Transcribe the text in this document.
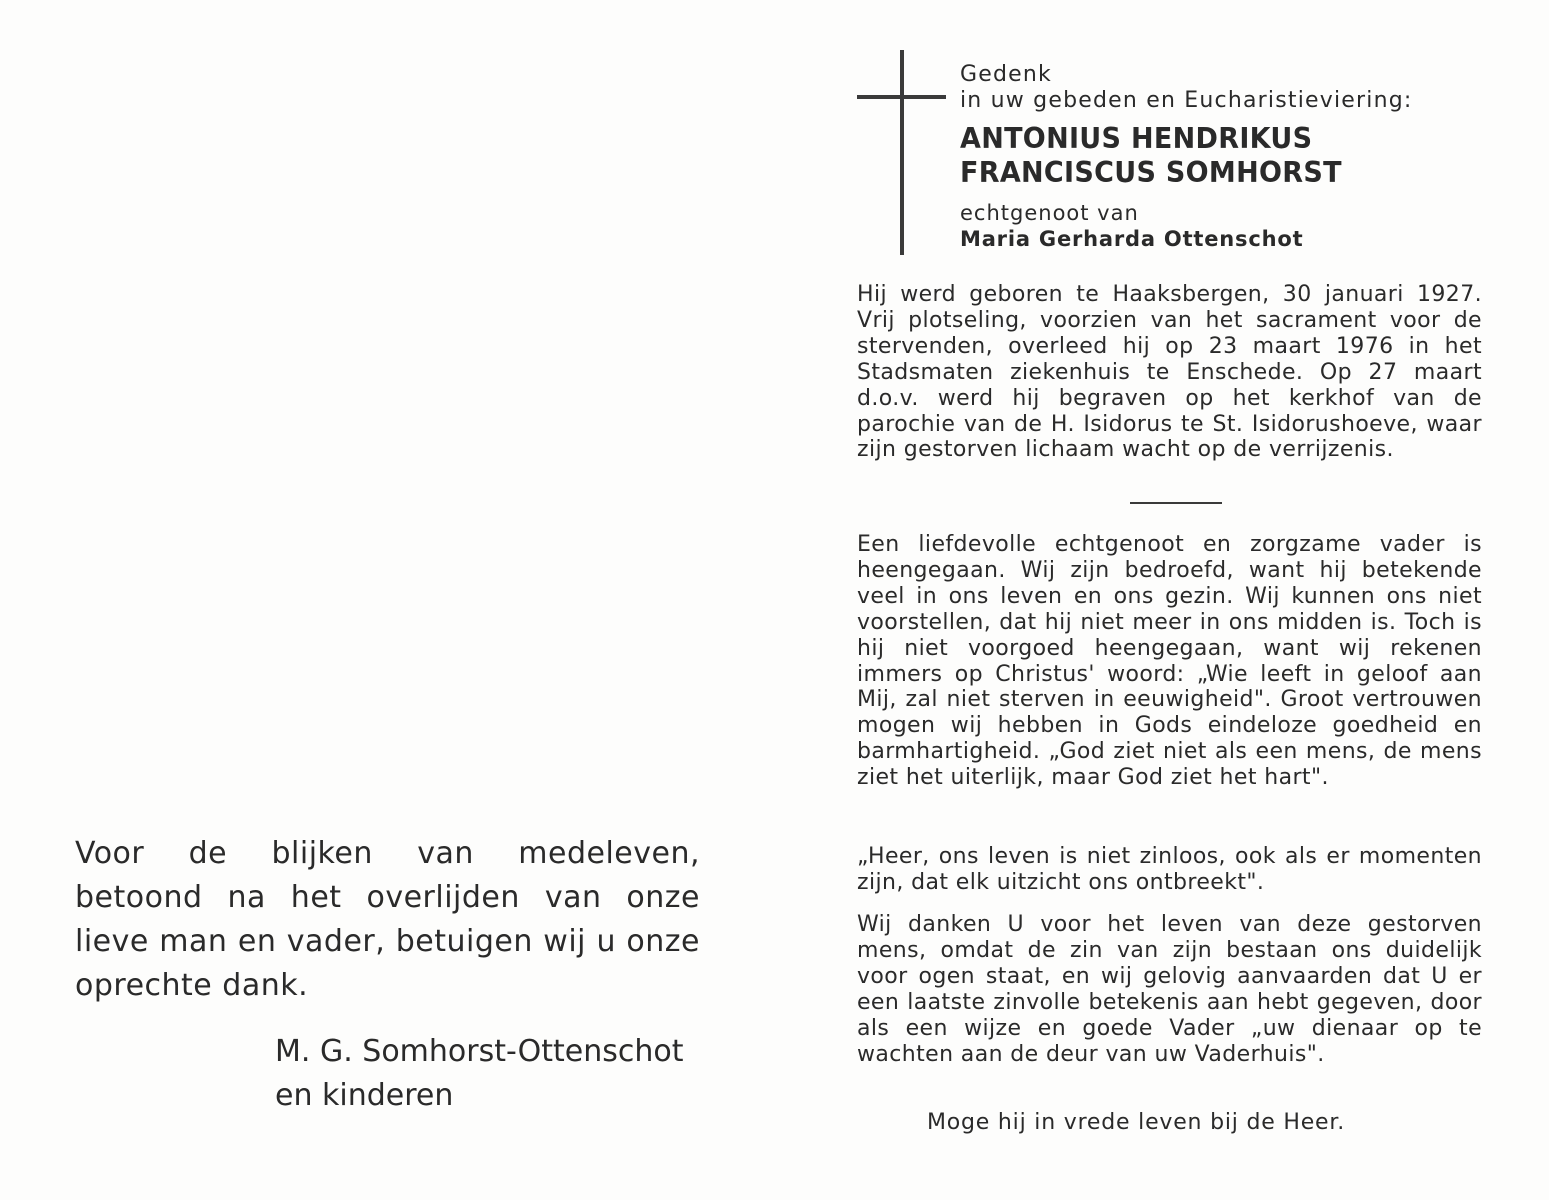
Voor de blijken van medeleven, betoond na het overlijden van onze lieve man en vader, betuigen wij u onze oprechte dank.
M. G. Somhorst-Ottenschot
en kinderen
Gedenk
in uw gebeden en Eucharistieviering:
ANTONIUS HENDRIKUS
FRANCISCUS SOMHORST
echtgenoot van
Maria Gerharda Ottenschot
Hij werd geboren te Haaksbergen, 30 januari 1927. Vrij plotseling, voorzien van het sacrament voor de stervenden, overleed hij op 23 maart 1976 in het Stadsmaten ziekenhuis te Enschede. Op 27 maart d.o.v. werd hij begraven op het kerkhof van de parochie van de H. Isidorus te St. Isidorushoeve, waar zijn gestorven lichaam wacht op de verrijzenis.
Een liefdevolle echtgenoot en zorgzame vader is heengegaan. Wij zijn bedroefd, want hij betekende veel in ons leven en ons gezin. Wij kunnen ons niet voorstellen, dat hij niet meer in ons midden is. Toch is hij niet voorgoed heengegaan, want wij rekenen immers op Christus' woord: „Wie leeft in geloof aan Mij, zal niet sterven in eeuwigheid". Groot vertrouwen mogen wij hebben in Gods eindeloze goedheid en barmhartigheid. „God ziet niet als een mens, de mens ziet het uiterlijk, maar God ziet het hart".
„Heer, ons leven is niet zinloos, ook als er momenten zijn, dat elk uitzicht ons ontbreekt".
Wij danken U voor het leven van deze gestorven mens, omdat de zin van zijn bestaan ons duidelijk voor ogen staat, en wij gelovig aanvaarden dat U er een laatste zinvolle betekenis aan hebt gegeven, door als een wijze en goede Vader „uw dienaar op te wachten aan de deur van uw Vaderhuis".
Moge hij in vrede leven bij de Heer.
